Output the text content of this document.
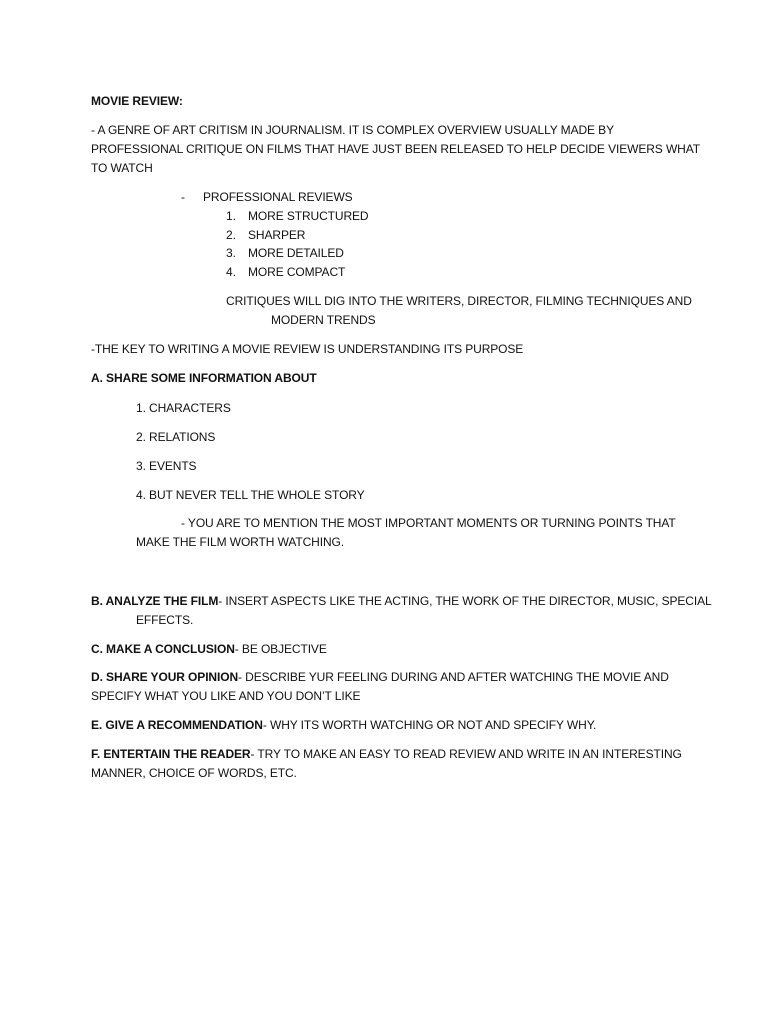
MOVIE REVIEW:
- A GENRE OF ART CRITISM IN JOURNALISM. IT IS COMPLEX OVERVIEW USUALLY MADE BY
PROFESSIONAL CRITIQUE ON FILMS THAT HAVE JUST BEEN RELEASED TO HELP DECIDE VIEWERS WHAT
TO WATCH
- PROFESSIONAL REVIEWS
1. MORE STRUCTURED
2. SHARPER
3. MORE DETAILED
4. MORE COMPACT
CRITIQUES WILL DIG INTO THE WRITERS, DIRECTOR, FILMING TECHNIQUES AND
MODERN TRENDS
-THE KEY TO WRITING A MOVIE REVIEW IS UNDERSTANDING ITS PURPOSE
A. SHARE SOME INFORMATION ABOUT
1. CHARACTERS
2. RELATIONS
3. EVENTS
4. BUT NEVER TELL THE WHOLE STORY
- YOU ARE TO MENTION THE MOST IMPORTANT MOMENTS OR TURNING POINTS THAT
MAKE THE FILM WORTH WATCHING.
B. ANALYZE THE FILM- INSERT ASPECTS LIKE THE ACTING, THE WORK OF THE DIRECTOR, MUSIC, SPECIAL
EFFECTS.
C. MAKE A CONCLUSION- BE OBJECTIVE
D. SHARE YOUR OPINION- DESCRIBE YUR FEELING DURING AND AFTER WATCHING THE MOVIE AND
SPECIFY WHAT YOU LIKE AND YOU DON’T LIKE
E. GIVE A RECOMMENDATION- WHY ITS WORTH WATCHING OR NOT AND SPECIFY WHY.
F. ENTERTAIN THE READER- TRY TO MAKE AN EASY TO READ REVIEW AND WRITE IN AN INTERESTING
MANNER, CHOICE OF WORDS, ETC.
